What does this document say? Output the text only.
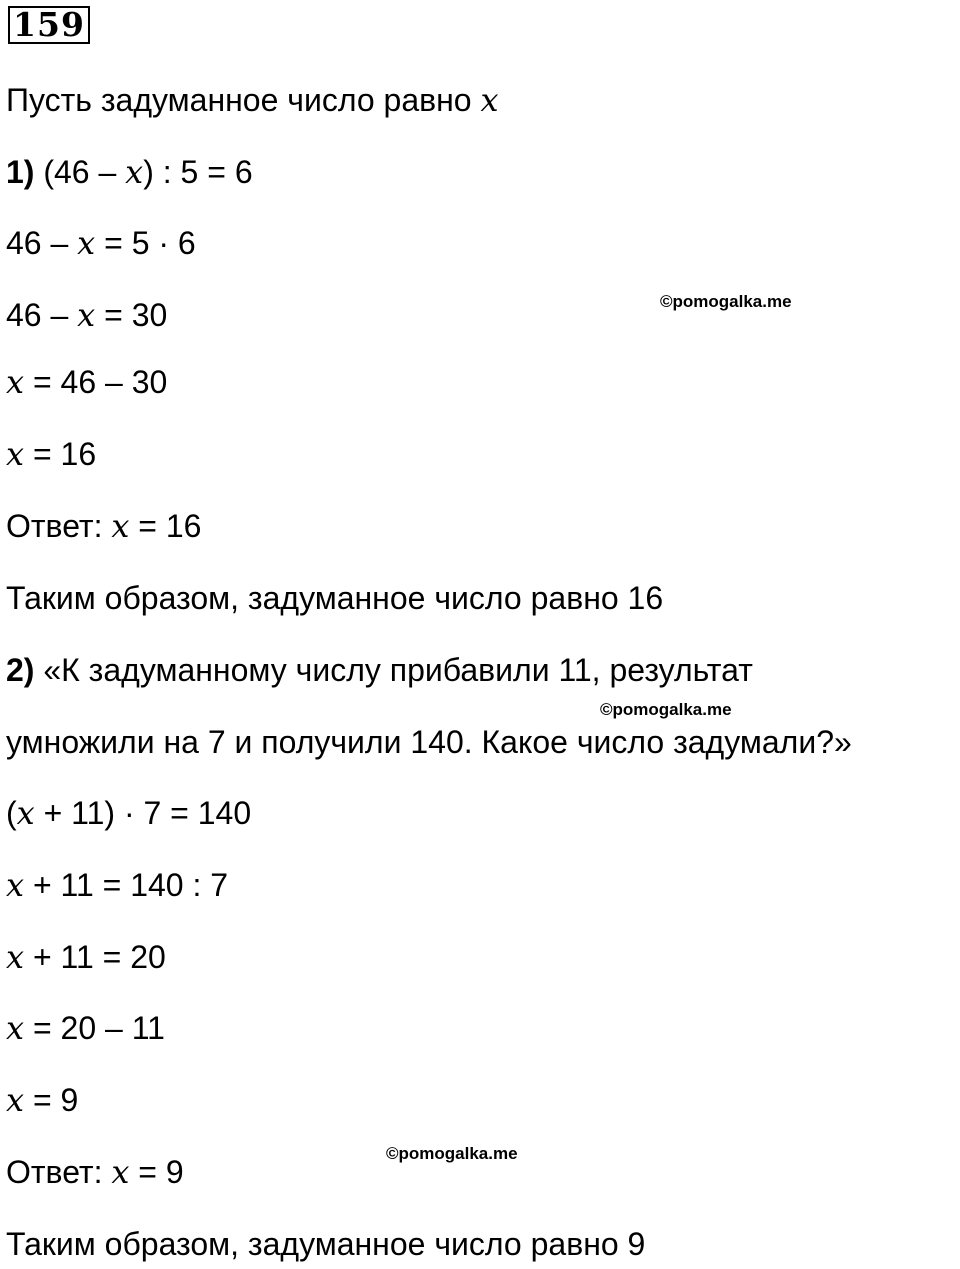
159
Пусть задуманное число равно x
1) (46 – x) : 5 = 6
46 – x = 5 · 6
46 – x = 30	©pomogalka.me
x = 46 – 30
x = 16
Ответ: x = 16
Таким образом, задуманное число равно 16
2) «К задуманному числу прибавили 11, результат
©pomogalka.me
умножили на 7 и получили 140. Какое число задумали?»
(x + 11) · 7 = 140
x + 11 = 140 : 7
x + 11 = 20
x = 20 – 11
x = 9
©pomogalka.me
Ответ: x = 9
Таким образом, задуманное число равно 9
